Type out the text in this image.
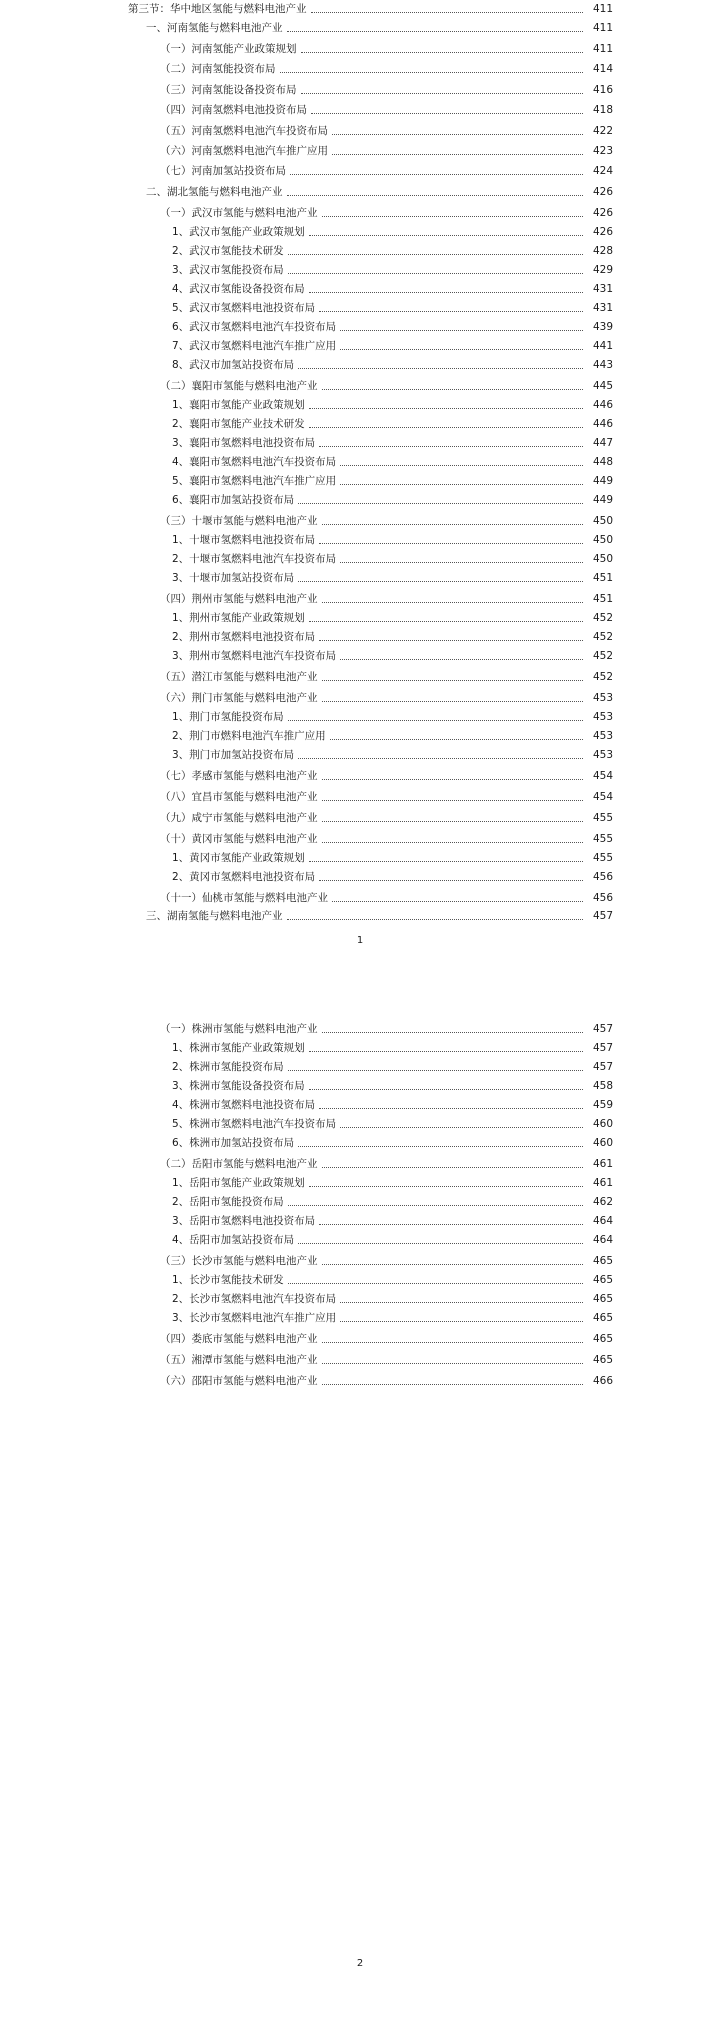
第三节：华中地区氢能与燃料电池产业	411
一、河南氢能与燃料电池产业	411
（一）河南氢能产业政策规划	411
（二）河南氢能投资布局	414
（三）河南氢能设备投资布局	416
（四）河南氢燃料电池投资布局	418
（五）河南氢燃料电池汽车投资布局	422
（六）河南氢燃料电池汽车推广应用	423
（七）河南加氢站投资布局	424
二、湖北氢能与燃料电池产业	426
（一）武汉市氢能与燃料电池产业	426
1、武汉市氢能产业政策规划	426
2、武汉市氢能技术研发	428
3、武汉市氢能投资布局	429
4、武汉市氢能设备投资布局	431
5、武汉市氢燃料电池投资布局	431
6、武汉市氢燃料电池汽车投资布局	439
7、武汉市氢燃料电池汽车推广应用	441
8、武汉市加氢站投资布局	443
（二）襄阳市氢能与燃料电池产业	445
1、襄阳市氢能产业政策规划	446
2、襄阳市氢能产业技术研发	446
3、襄阳市氢燃料电池投资布局	447
4、襄阳市氢燃料电池汽车投资布局	448
5、襄阳市氢燃料电池汽车推广应用	449
6、襄阳市加氢站投资布局	449
（三）十堰市氢能与燃料电池产业	450
1、十堰市氢燃料电池投资布局	450
2、十堰市氢燃料电池汽车投资布局	450
3、十堰市加氢站投资布局	451
（四）荆州市氢能与燃料电池产业	451
1、荆州市氢能产业政策规划	452
2、荆州市氢燃料电池投资布局	452
3、荆州市氢燃料电池汽车投资布局	452
（五）潜江市氢能与燃料电池产业	452
（六）荆门市氢能与燃料电池产业	453
1、荆门市氢能投资布局	453
2、荆门市燃料电池汽车推广应用	453
3、荆门市加氢站投资布局	453
（七）孝感市氢能与燃料电池产业	454
（八）宜昌市氢能与燃料电池产业	454
（九）咸宁市氢能与燃料电池产业	455
（十）黄冈市氢能与燃料电池产业	455
1、黄冈市氢能产业政策规划	455
2、黄冈市氢燃料电池投资布局	456
（十一）仙桃市氢能与燃料电池产业	456
三、湖南氢能与燃料电池产业	457
1
（一）株洲市氢能与燃料电池产业	457
1、株洲市氢能产业政策规划	457
2、株洲市氢能投资布局	457
3、株洲市氢能设备投资布局	458
4、株洲市氢燃料电池投资布局	459
5、株洲市氢燃料电池汽车投资布局	460
6、株洲市加氢站投资布局	460
（二）岳阳市氢能与燃料电池产业	461
1、岳阳市氢能产业政策规划	461
2、岳阳市氢能投资布局	462
3、岳阳市氢燃料电池投资布局	464
4、岳阳市加氢站投资布局	464
（三）长沙市氢能与燃料电池产业	465
1、长沙市氢能技术研发	465
2、长沙市氢燃料电池汽车投资布局	465
3、长沙市氢燃料电池汽车推广应用	465
（四）娄底市氢能与燃料电池产业	465
（五）湘潭市氢能与燃料电池产业	465
（六）邵阳市氢能与燃料电池产业	466
2
